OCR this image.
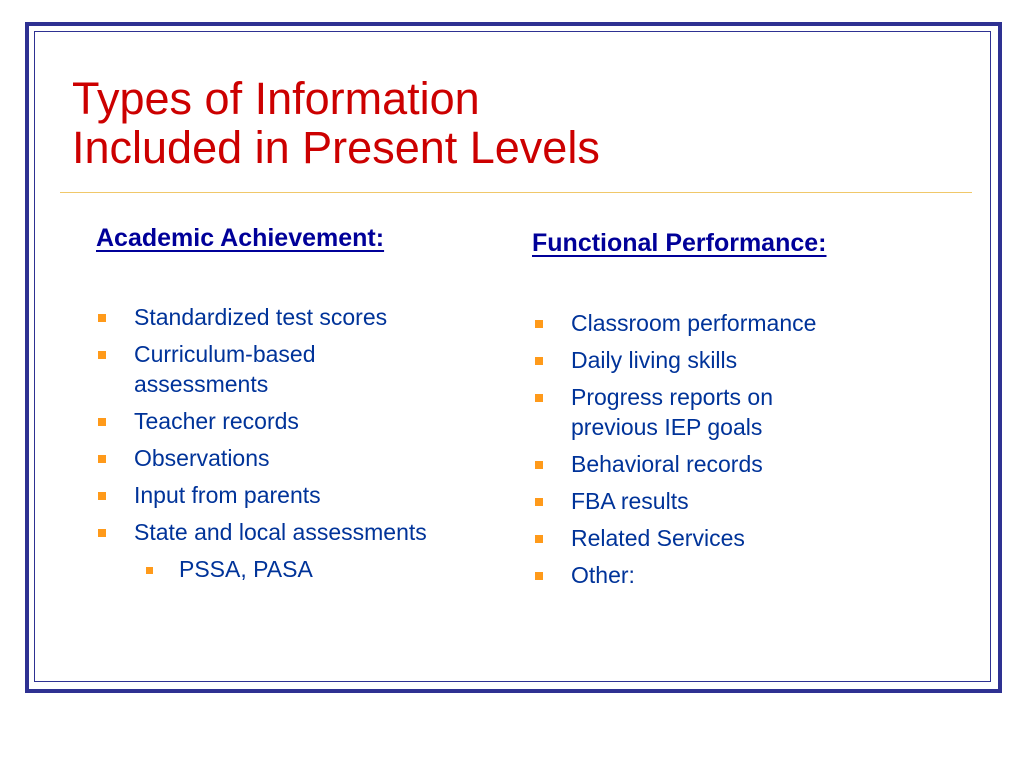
Types of Information
Included in Present Levels
Academic Achievement:
Standardized test scores
Curriculum-based assessments
Teacher records
Observations
Input from parents
State and local assessments
PSSA, PASA
Functional Performance:
Classroom performance
Daily living skills
Progress reports on previous IEP goals
Behavioral records
FBA results
Related Services
Other:
